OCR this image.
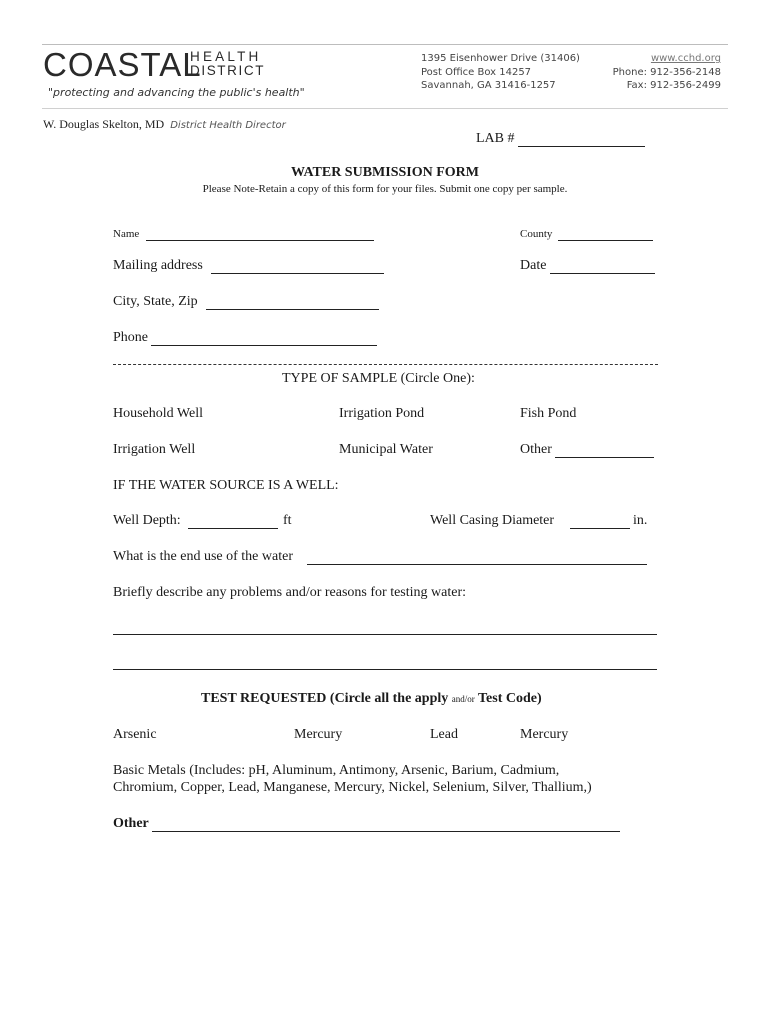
COASTAL
HEALTH
DISTRICT
"protecting and advancing the public's health"
1395 Eisenhower Drive (31406)
Post Office Box 14257
Savannah, GA 31416-1257
www.cchd.org
Phone: 912-356-2148
Fax: 912-356-2499
W. Douglas Skelton, MD District Health Director
LAB #
WATER SUBMISSION FORM
Please Note-Retain a copy of this form for your files. Submit one copy per sample.
Name	County
Mailing address	Date
City, State, Zip
Phone
TYPE OF SAMPLE (Circle One):
Household Well	Irrigation Pond	Fish Pond
Irrigation Well	Municipal Water	Other
IF THE WATER SOURCE IS A WELL:
Well Depth:	ft	Well Casing Diameter	in.
What is the end use of the water
Briefly describe any problems and/or reasons for testing water:
TEST REQUESTED (Circle all the apply and/or Test Code)
Arsenic	Mercury	Lead	Mercury
Basic Metals (Includes: pH, Aluminum, Antimony, Arsenic, Barium, Cadmium,
Chromium, Copper, Lead, Manganese, Mercury, Nickel, Selenium, Silver, Thallium,)
Other
